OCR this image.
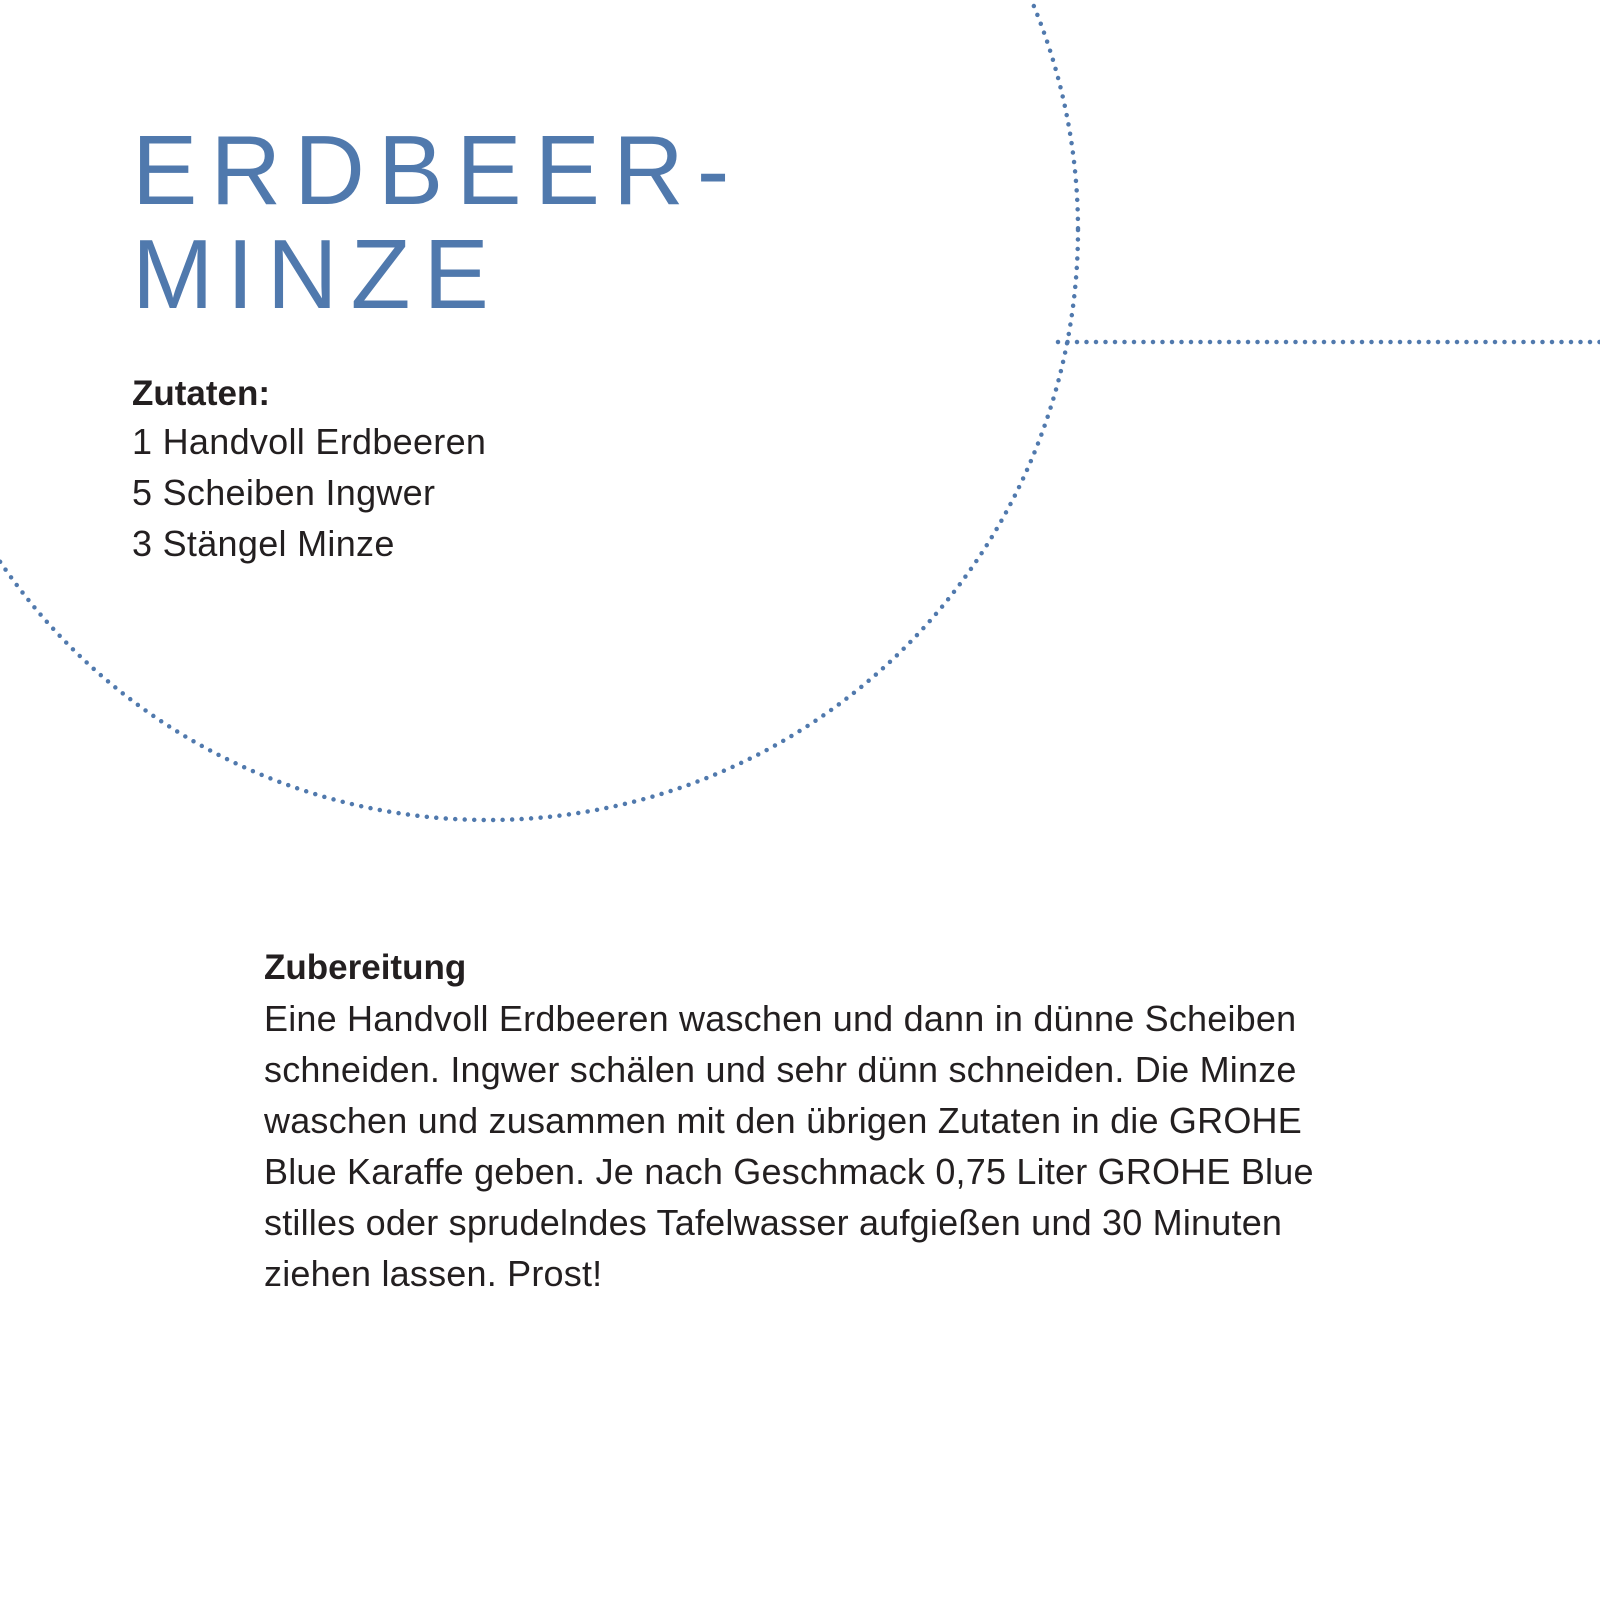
ERDBEER-
MINZE
Zutaten:
1 Handvoll Erdbeeren
5 Scheiben Ingwer
3 Stängel Minze
Zubereitung

Eine Handvoll Erdbeeren waschen und dann in dünne Scheiben schneiden. Ingwer schälen und sehr dünn schneiden. Die Minze waschen und zusammen mit den übrigen Zutaten in die GROHE Blue Karaffe geben. Je nach Geschmack 0,75 Liter GROHE Blue stilles oder sprudelndes Tafelwasser aufgießen und 30 Minuten ziehen lassen. Prost!
